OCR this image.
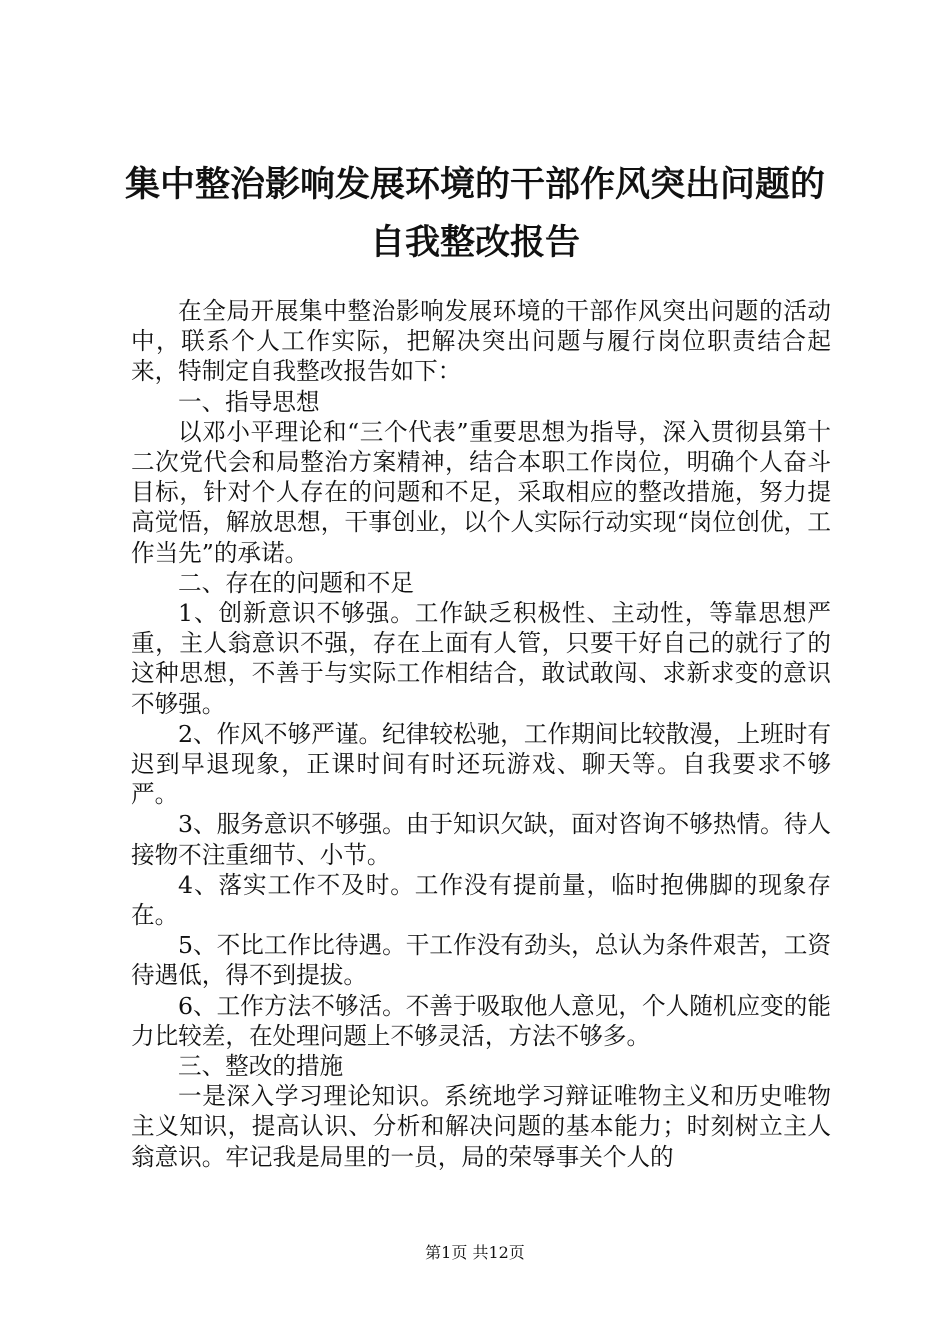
集中整治影响发展环境的干部作风突出问题的
自我整改报告

在全局开展集中整治影响发展环境的干部作风突出问题的活动中，联系个人工作实际，把解决突出问题与履行岗位职责结合起来，特制定自我整改报告如下：

一、指导思想

以邓小平理论和“三个代表”重要思想为指导，深入贯彻县第十二次党代会和局整治方案精神，结合本职工作岗位，明确个人奋斗目标，针对个人存在的问题和不足，采取相应的整改措施，努力提高觉悟，解放思想，干事创业，以个人实际行动实现“岗位创优，工作当先”的承诺。

二、存在的问题和不足

1、创新意识不够强。工作缺乏积极性、主动性，等靠思想严重，主人翁意识不强，存在上面有人管，只要干好自己的就行了的这种思想，不善于与实际工作相结合，敢试敢闯、求新求变的意识不够强。

2、作风不够严谨。纪律较松驰，工作期间比较散漫，上班时有迟到早退现象，正课时间有时还玩游戏、聊天等。自我要求不够严。

3、服务意识不够强。由于知识欠缺，面对咨询不够热情。待人接物不注重细节、小节。

4、落实工作不及时。工作没有提前量，临时抱佛脚的现象存在。

5、不比工作比待遇。干工作没有劲头，总认为条件艰苦，工资待遇低，得不到提拔。

6、工作方法不够活。不善于吸取他人意见，个人随机应变的能力比较差，在处理问题上不够灵活，方法不够多。

三、整改的措施

一是深入学习理论知识。系统地学习辩证唯物主义和历史唯物主义知识，提高认识、分析和解决问题的基本能力；时刻树立主人翁意识。牢记我是局里的一员，局的荣辱事关个人的

第1页 共12页
